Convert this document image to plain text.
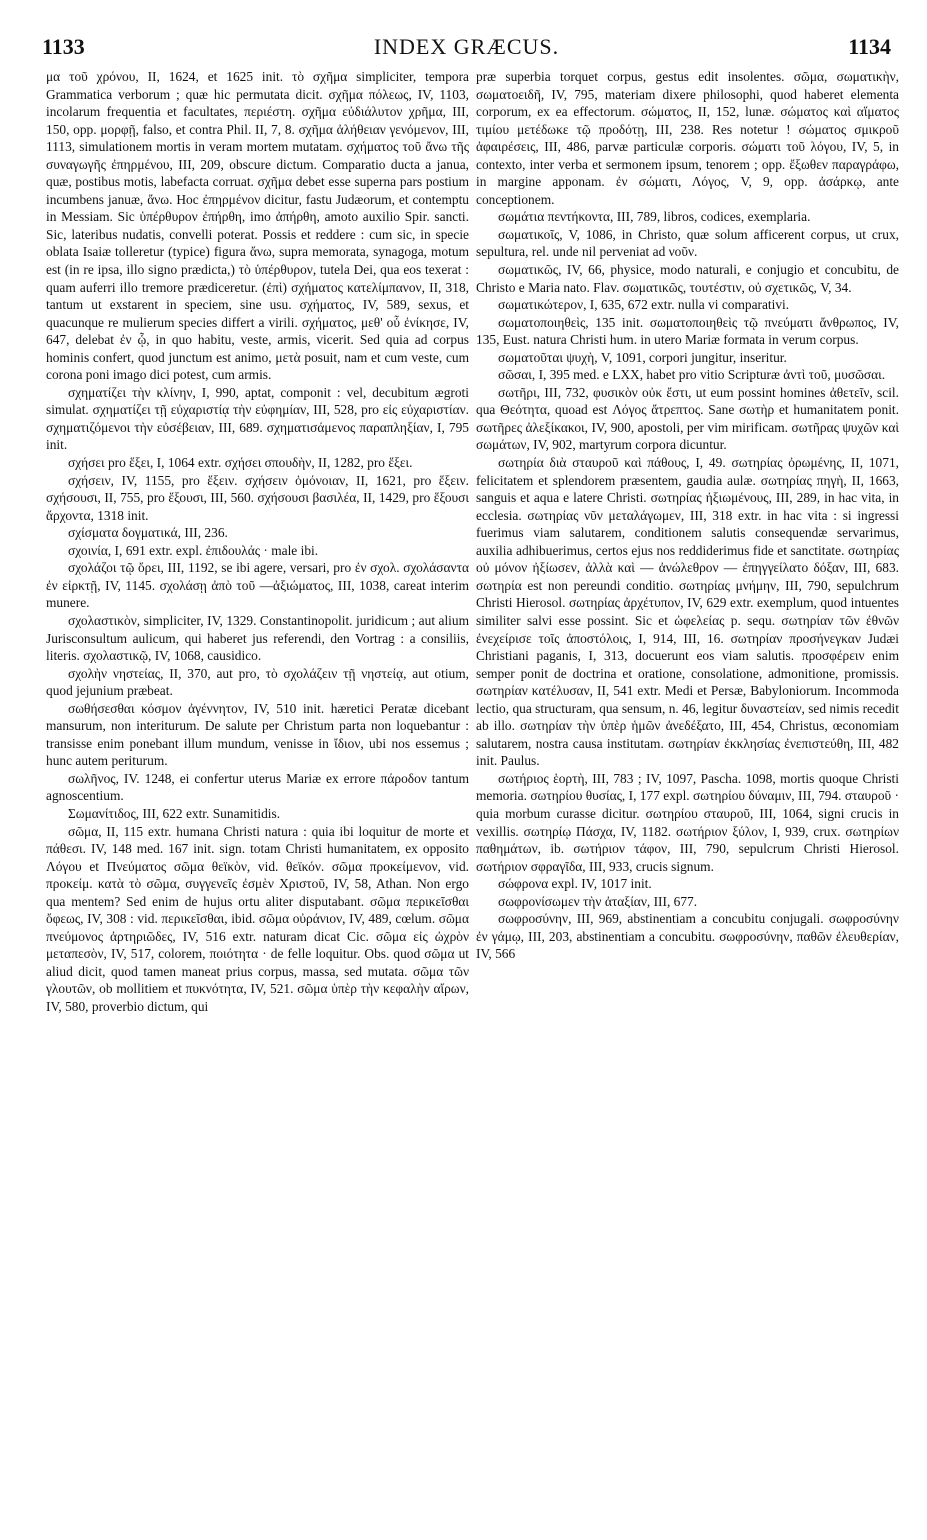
1133	INDEX GRÆCUS.	1134

μα τοῦ χρόνου, II, 1624, et 1625 init. τὸ σχῆμα simpliciter, tempora Grammatica verborum ; quæ hic permutata dicit. σχῆμα πόλεως, IV, 1103, incolarum frequentia et facultates, περιέστη. σχῆμα εὐδιάλυτον χρῆμα, III, 150, opp. μορφῇ, falso, et contra Phil. II, 7, 8. σχῆμα ἀλήθειαν γενόμενον, III, 1113, simulationem mortis in veram mortem mutatam. σχήματος τοῦ ἄνω τῆς συναγωγῆς ἐπηρμένου, III, 209, obscure dictum. Comparatio ducta a janua, quæ, postibus motis, labefacta corruat. σχῆμα debet esse superna pars postium incumbens januæ, ἄνω. Hoc ἐπηρμένον dicitur, fastu Judæorum, et contemptu in Messiam. Sic ὑπέρθυρον ἐπήρθη, imo ἀπήρθη, amoto auxilio Spir. sancti. Sic, lateribus nudatis, convelli poterat. Possis et reddere : cum sic, in specie oblata Isaiæ tolleretur (typice) figura ἄνω, supra memorata, synagoga, motum est (in re ipsa, illo signo prædicta,) τὸ ὑπέρθυρον, tutela Dei, qua eos texerat : quam auferri illo tremore prædiceretur. (ἐπὶ) σχήματος κατελίμπανον, II, 318, tantum ut exstarent in speciem, sine usu. σχήματος, IV, 589, sexus, et quacunque re mulierum species differt a virili. σχήματος, μεθ' οὗ ἐνίκησε, IV, 647, delebat ἐν ᾧ, in quo habitu, veste, armis, vicerit. Sed quia ad corpus hominis confert, quod junctum est animo, μετὰ posuit, nam et cum veste, cum corona poni imago dici potest, cum armis.

σχηματίζει τὴν κλίνην, I, 990, aptat, componit : vel, decubitum ægroti simulat. σχηματίζει τῇ εὐχαριστίᾳ τὴν εὐφημίαν, III, 528, pro εἰς εὐχαριστίαν. σχηματιζόμενοι τὴν εὐσέβειαν, III, 689. σχηματισάμενος παραπληξίαν, I, 795 init.

σχήσει pro ἕξει, I, 1064 extr. σχήσει σπουδὴν, II, 1282, pro ἕξει.

σχήσειν, IV, 1155, pro ἕξειν. σχήσειν ὁμόνοιαν, II, 1621, pro ἕξειν. σχήσουσι, II, 755, pro ἕξουσι, III, 560. σχήσουσι βασιλέα, II, 1429, pro ἕξουσι ἄρχοντα, 1318 init.

σχίσματα δογματικά, III, 236.

σχοινία, I, 691 extr. expl. ἐπιδουλάς · male ibi.

σχολάζοι τῷ ὄρει, III, 1192, se ibi agere, versari, pro ἐν σχολ. σχολάσαντα ἐν εἰρκτῇ, IV, 1145. σχολάσῃ ἀπὸ τοῦ —ἀξιώματος, III, 1038, careat interim munere.

σχολαστικὸν, simpliciter, IV, 1329. Constantinopolit. juridicum ; aut alium Jurisconsultum aulicum, qui haberet jus referendi, den Vortrag : a consiliis, literis. σχολαστικῷ, IV, 1068, causidico.

σχολὴν νηστείας, II, 370, aut pro, τὸ σχολάζειν τῇ νηστείᾳ, aut otium, quod jejunium præbeat.

σωθήσεσθαι κόσμον ἀγέννητον, IV, 510 init. hæretici Peratæ dicebant mansurum, non interiturum. De salute per Christum parta non loquebantur : transisse enim ponebant illum mundum, venisse in ἴδιον, ubi nos essemus ; hunc autem periturum.

σωλῆνος, IV. 1248, ei confertur uterus Mariæ ex errore πάροδον tantum agnoscentium.

Σωμανίτιδος, III, 622 extr. Sunamitidis.

σῶμα, II, 115 extr. humana Christi natura : quia ibi loquitur de morte et πάθεσι. IV, 148 med. 167 init. sign. totam Christi humanitatem, ex opposito Λόγου et Πνεύματος σῶμα θεϊκὸν, vid. θεϊκόν. σῶμα προκείμενον, vid. προκείμ. κατὰ τὸ σῶμα, συγγενεῖς ἐσμὲν Χριστοῦ, IV, 58, Athan. Non ergo qua mentem? Sed enim de hujus ortu aliter disputabant. σῶμα περικεῖσθαι ὄφεως, IV, 308 : vid. περικεῖσθαι, ibid. σῶμα οὐράνιον, IV, 489, cœlum. σῶμα πνεύμονος ἀρτηριῶδες, IV, 516 extr. naturam dicat Cic. σῶμα εἰς ὠχρὸν μεταπεσὸν, IV, 517, colorem, ποιότητα · de felle loquitur. Obs. quod σῶμα ut aliud dicit, quod tamen maneat prius corpus, massa, sed mutata. σῶμα τῶν γλουτῶν, ob mollitiem et πυκνότητα, IV, 521. σῶμα ὑπὲρ τὴν κεφαλὴν αἴρων, IV, 580, proverbio dictum, qui

præ superbia torquet corpus, gestus edit insolentes. σῶμα, σωματικὴν, σωματοειδῆ, IV, 795, materiam dixere philosophi, quod haberet elementa corporum, ex ea effectorum. σώματος, II, 152, lunæ. σώματος καὶ αἵματος τιμίου μετέδωκε τῷ προδότῃ, III, 238. Res notetur ! σώματος σμικροῦ ἀφαιρέσεις, III, 486, parvæ particulæ corporis. σώματι τοῦ λόγου, IV, 5, in contexto, inter verba et sermonem ipsum, tenorem ; opp. ἔξωθεν παραγράφω, in margine apponam. ἐν σώματι, Λόγος, V, 9, opp. ἀσάρκῳ, ante conceptionem.

σωμάτια πεντήκοντα, III, 789, libros, codices, exemplaria.

σωματικοῖς, V, 1086, in Christo, quæ solum afficerent corpus, ut crux, sepultura, rel. unde nil perveniat ad νοῦν.

σωματικῶς, IV, 66, physice, modo naturali, e conjugio et concubitu, de Christo e Maria nato. Flav. σωματικῶς, τουτέστιν, οὐ σχετικῶς, V, 34.

σωματικώτερον, I, 635, 672 extr. nulla vi comparativi.

σωματοποιηθεὶς, 135 init. σωματοποιηθεὶς τῷ πνεύματι ἄνθρωπος, IV, 135, Eust. natura Christi hum. in utero Mariæ formata in verum corpus.

σωματοῦται ψυχὴ, V, 1091, corpori jungitur, inseritur.

σῶσαι, I, 395 med. e LXX, habet pro vitio Scripturæ ἀντὶ τοῦ, μυσῶσαι.

σωτῆρι, III, 732, φυσικὸν οὐκ ἔστι, ut eum possint homines ἀθετεῖν, scil. qua Θεότητα, quoad est Λόγος ἄτρεπτος. Sane σωτὴρ et humanitatem ponit. σωτῆρες ἀλεξίκακοι, IV, 900, apostoli, per vim mirificam. σωτῆρας ψυχῶν καὶ σωμάτων, IV, 902, martyrum corpora dicuntur.

σωτηρία διὰ σταυροῦ καὶ πάθους, I, 49. σωτηρίας ὀρωμένης, II, 1071, felicitatem et splendorem præsentem, gaudia aulæ. σωτηρίας πηγὴ, II, 1663, sanguis et aqua e latere Christi. σωτηρίας ἠξιωμένους, III, 289, in hac vita, in ecclesia. σωτηρίας νῦν μεταλάγωμεν, III, 318 extr. in hac vita : si ingressi fuerimus viam salutarem, conditionem salutis consequendæ servarimus, auxilia adhibuerimus, certos ejus nos reddiderimus fide et sanctitate. σωτηρίας οὐ μόνον ἠξίωσεν, ἀλλὰ καὶ — ἀνώλεθρον — ἐπηγγείλατο δόξαν, III, 683. σωτηρία est non pereundi conditio. σωτηρίας μνήμην, III, 790, sepulchrum Christi Hierosol. σωτηρίας ἀρχέτυπον, IV, 629 extr. exemplum, quod intuentes similiter salvi esse possint. Sic et ὠφελείας p. sequ. σωτηρίαν τῶν ἐθνῶν ἐνεχείρισε τοῖς ἀποστόλοις, I, 914, III, 16. σωτηρίαν προσήνεγκαν Judæi Christiani paganis, I, 313, docuerunt eos viam salutis. προσφέρειν enim semper ponit de doctrina et oratione, consolatione, admonitione, promissis. σωτηρίαν κατέλυσαν, II, 541 extr. Medi et Persæ, Babyloniorum. Incommoda lectio, qua structuram, qua sensum, n. 46, legitur δυναστείαν, sed nimis recedit ab illo. σωτηρίαν τὴν ὑπὲρ ἡμῶν ἀνεδέξατο, III, 454, Christus, œconomiam salutarem, nostra causa institutam. σωτηρίαν ἐκκλησίας ἐνεπιστεύθη, III, 482 init. Paulus.

σωτήριος ἑορτὴ, III, 783 ; IV, 1097, Pascha. 1098, mortis quoque Christi memoria. σωτηρίου θυσίας, I, 177 expl. σωτηρίου δύναμιν, III, 794. σταυροῦ · quia morbum curasse dicitur. σωτηρίου σταυροῦ, III, 1064, signi crucis in vexillis. σωτηρίῳ Πάσχα, IV, 1182. σωτήριον ξύλον, I, 939, crux. σωτηρίων παθημάτων, ib. σωτήριον τάφον, III, 790, sepulcrum Christi Hierosol. σωτήριον σφραγῖδα, III, 933, crucis signum.

σώφρονα expl. IV, 1017 init.

σωφρονίσωμεν τὴν ἀταξίαν, III, 677.

σωφροσύνην, III, 969, abstinentiam a concubitu conjugali. σωφροσύνην ἐν γάμῳ, III, 203, abstinentiam a concubitu. σωφροσύνην, παθῶν ἐλευθερίαν, IV, 566
